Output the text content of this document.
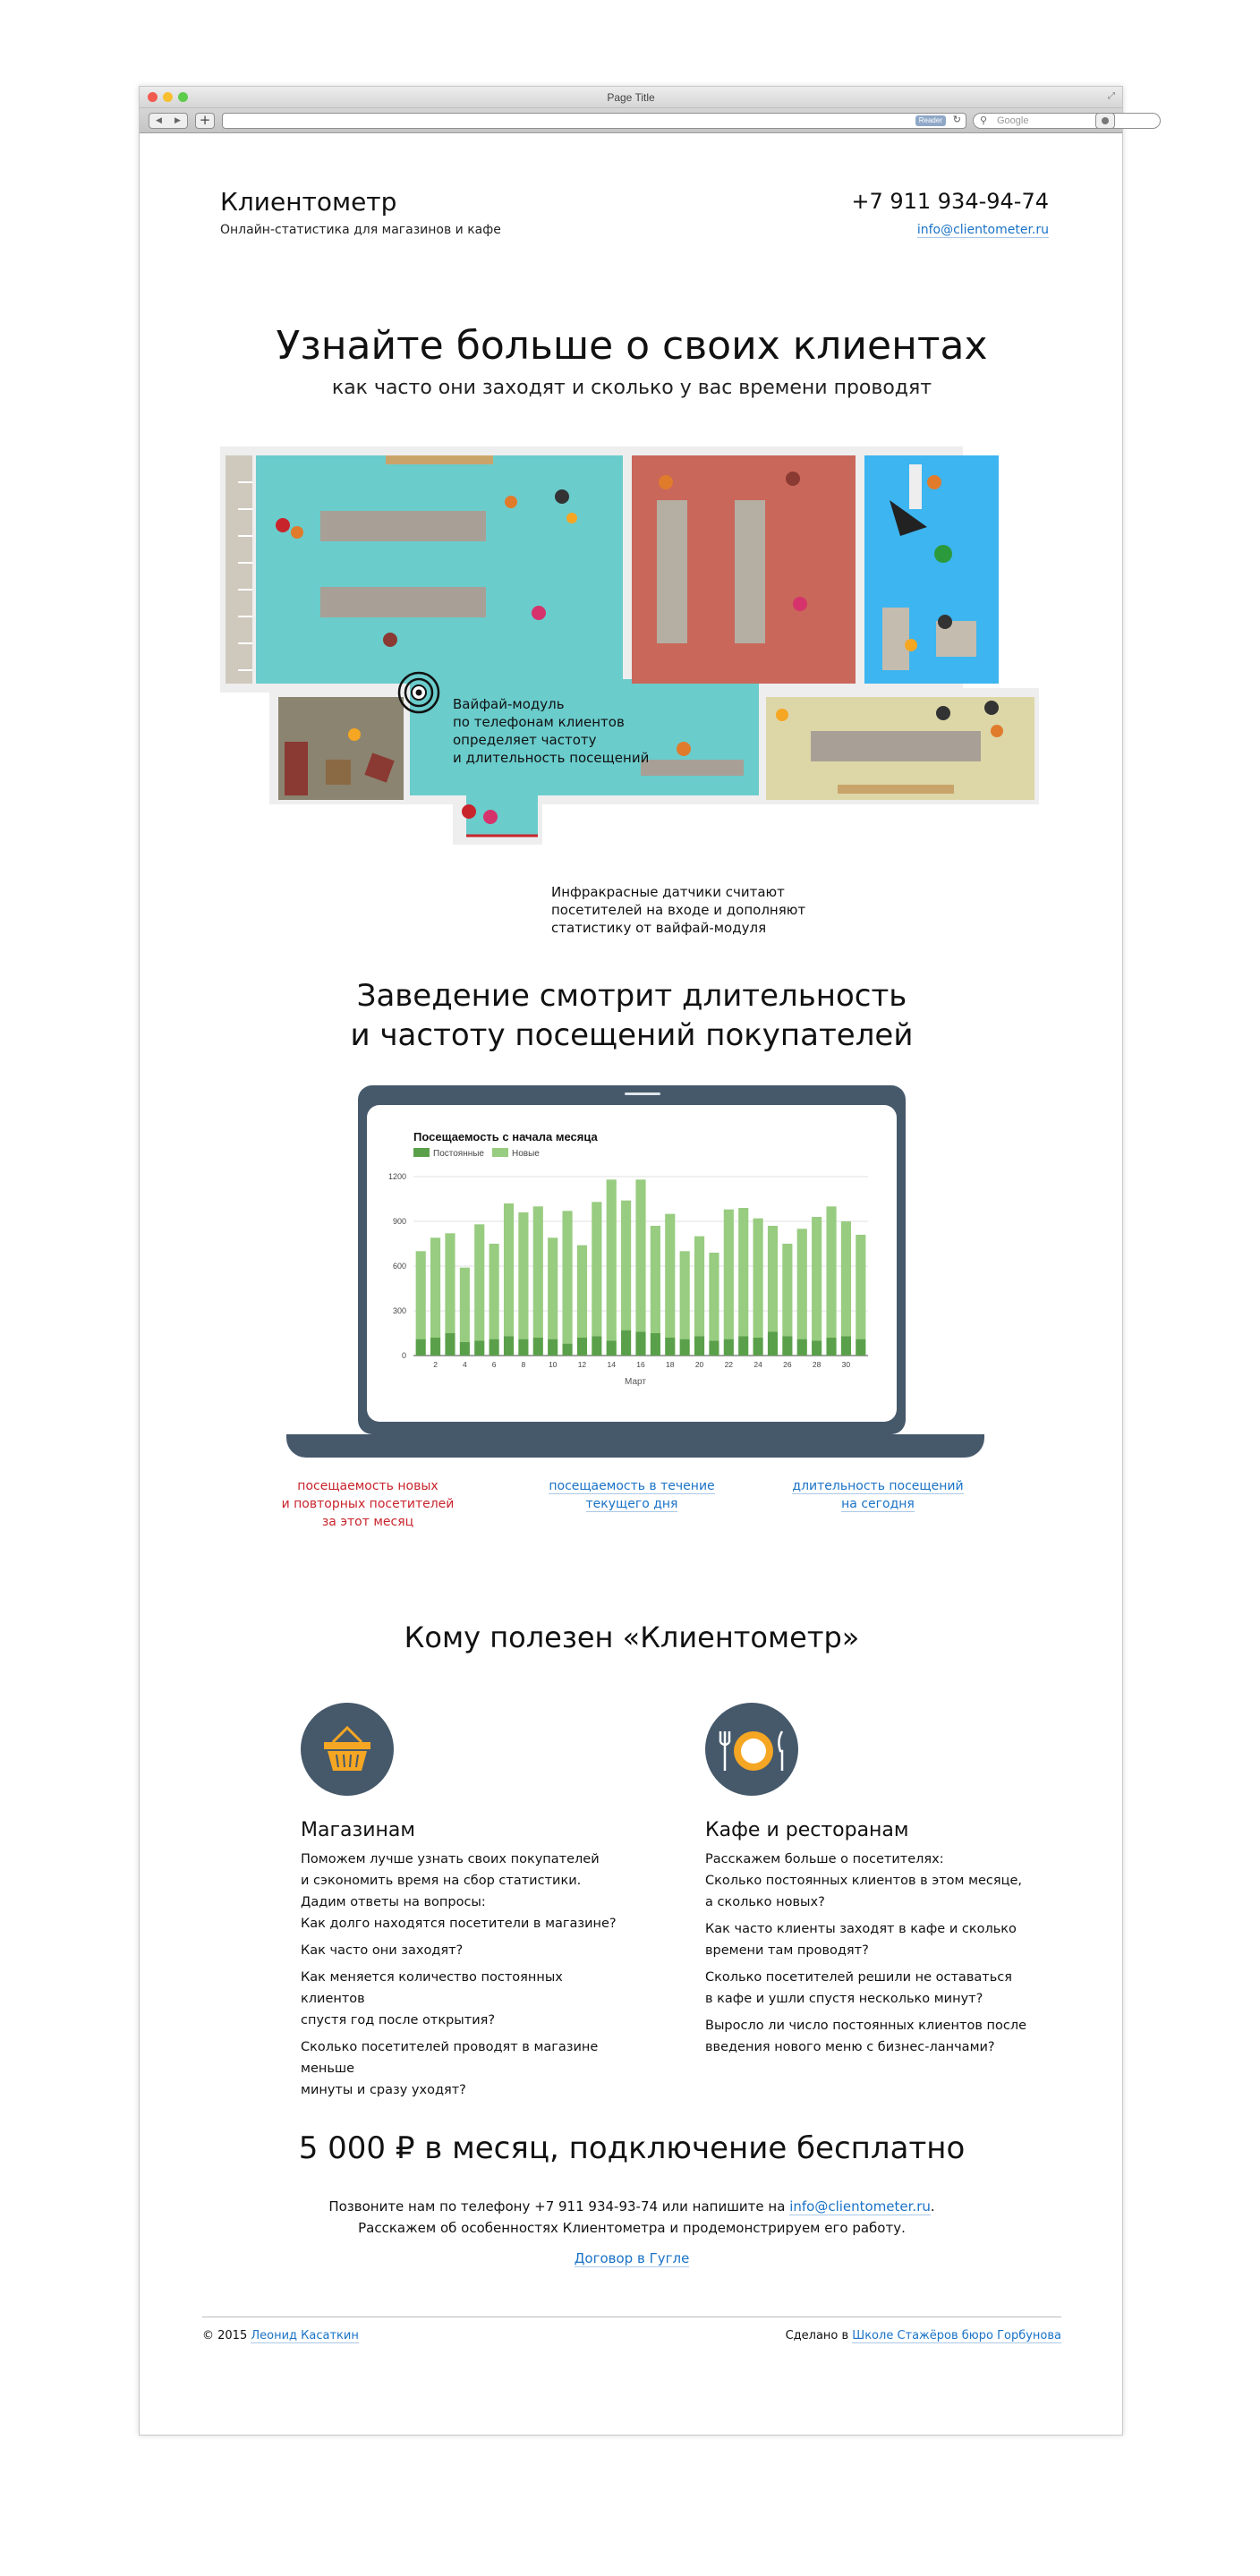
Page Title	⤢
◀	▶	+	Reader	↻ ⚲ Google
Клиентометр
Онлайн-статистика для магазинов и кафе
+7 911 934-94-74
info@clientometer.ru
Узнайте больше о своих клиентах
как часто они заходят и сколько у вас времени проводят
Вайфай-модуль
по телефонам клиентов
определяет частоту
и длительность посещений
Инфракрасные датчики считают
посетителей на входе и дополняют
статистику от вайфай-модуля
Заведение смотрит длительность
и частоту посещений покупателей
Посещаемость с начала месяца
Постоянные	Новые
0
300
600
900
1200
2	4	6	8	10	12	14	16	18	20	22	24	26	28	30
Март
посещаемость новых
и повторных посетителей
за этот месяц
посещаемость в течение
текущего дня
длительность посещений
на сегодня
Кому полезен «Клиентометр»
Магазинам
Поможем лучше узнать своих покупателей
и сэкономить время на сбор статистики.
Дадим ответы на вопросы:
Как долго находятся посетители в магазине?
Как часто они заходят?
Как меняется количество постоянных клиентов
спустя год после открытия?
Сколько посетителей проводят в магазине меньше
минуты и сразу уходят?
Кафе и ресторанам
Расскажем больше о посетителях:
Сколько постоянных клиентов в этом месяце,
а сколько новых?
Как часто клиенты заходят в кафе и сколько
времени там проводят?
Сколько посетителей решили не оставаться
в кафе и ушли спустя несколько минут?
Выросло ли число постоянных клиентов после
введения нового меню с бизнес-ланчами?
5 000 ₽ в месяц, подключение бесплатно
Позвоните нам по телефону +7 911 934-93-74 или напишите на info@clientometer.ru.
Расскажем об особенностях Клиентометра и продемонстрируем его работу.
Договор в Гугле
© 2015 Леонид Касаткин	Сделано в Школе Стажёров бюро Горбунова
